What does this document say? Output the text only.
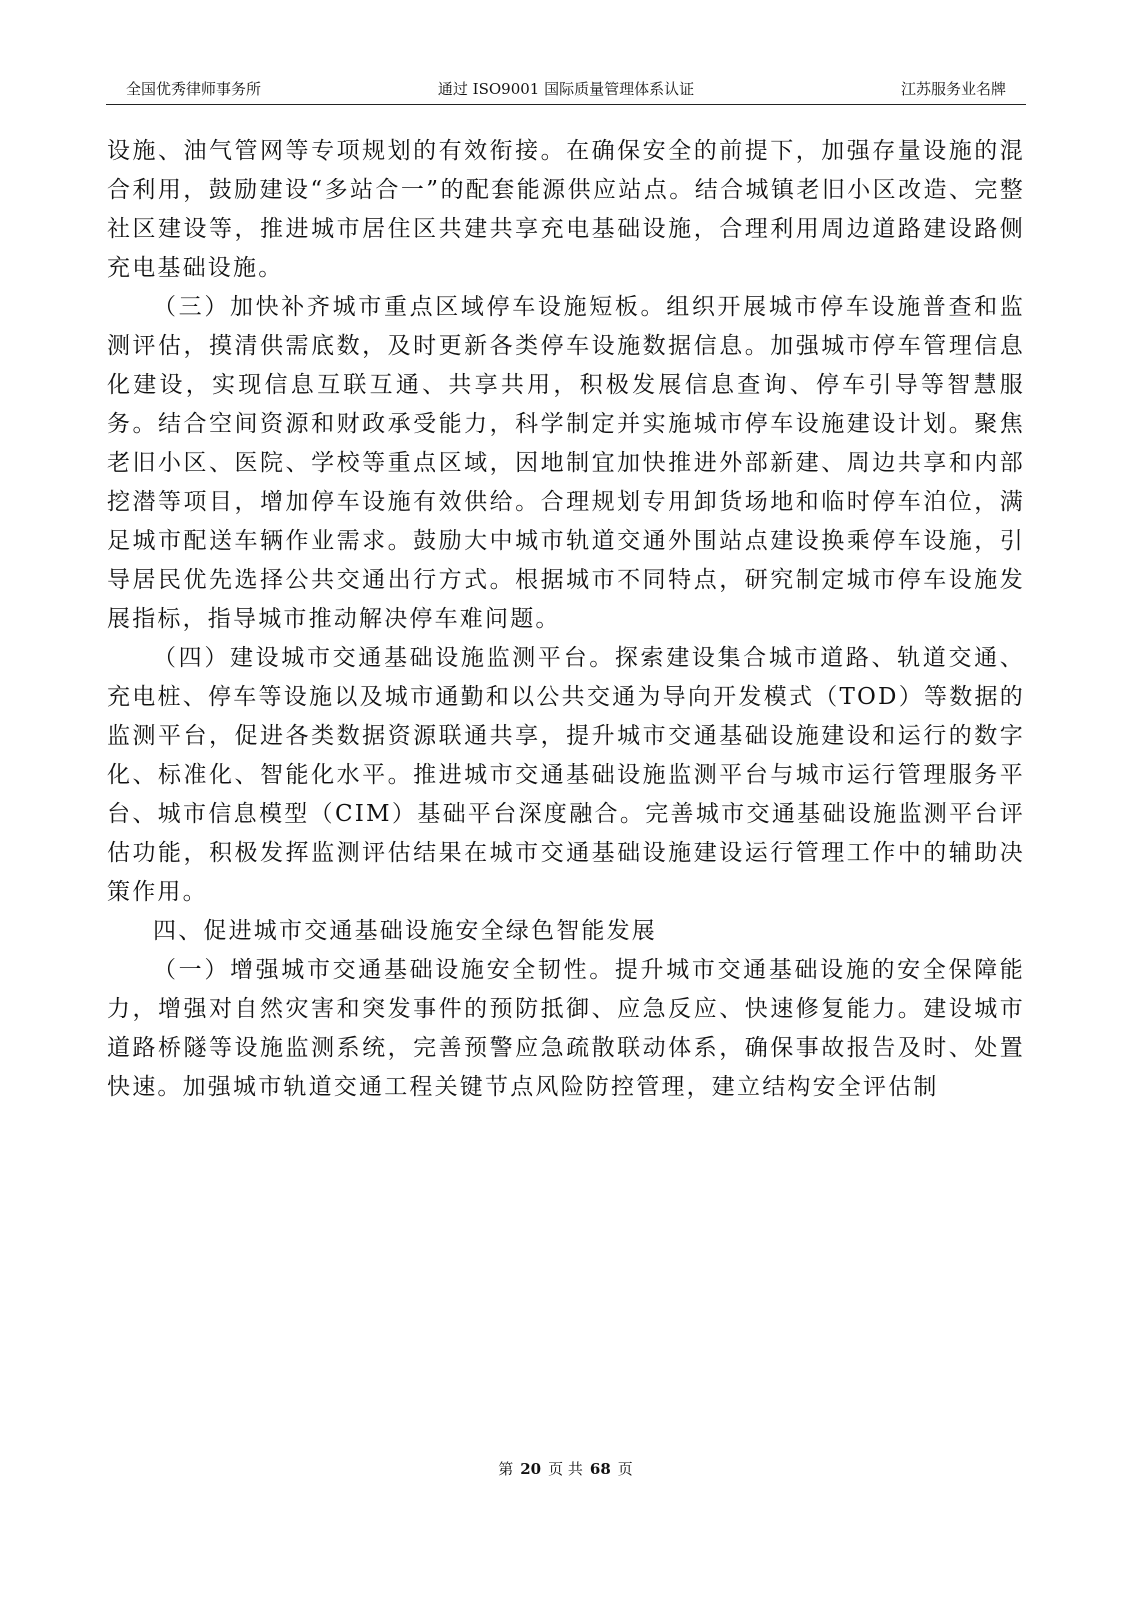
全国优秀律师事务所	通过 ISO9001 国际质量管理体系认证	江苏服务业名牌

设施、油气管网等专项规划的有效衔接。在确保安全的前提下，加强存量设施的混合利用，鼓励建设“多站合一”的配套能源供应站点。结合城镇老旧小区改造、完整社区建设等，推进城市居住区共建共享充电基础设施，合理利用周边道路建设路侧充电基础设施。

（三）加快补齐城市重点区域停车设施短板。组织开展城市停车设施普查和监测评估，摸清供需底数，及时更新各类停车设施数据信息。加强城市停车管理信息化建设，实现信息互联互通、共享共用，积极发展信息查询、停车引导等智慧服务。结合空间资源和财政承受能力，科学制定并实施城市停车设施建设计划。聚焦老旧小区、医院、学校等重点区域，因地制宜加快推进外部新建、周边共享和内部挖潜等项目，增加停车设施有效供给。合理规划专用卸货场地和临时停车泊位，满足城市配送车辆作业需求。鼓励大中城市轨道交通外围站点建设换乘停车设施，引导居民优先选择公共交通出行方式。根据城市不同特点，研究制定城市停车设施发展指标，指导城市推动解决停车难问题。

（四）建设城市交通基础设施监测平台。探索建设集合城市道路、轨道交通、充电桩、停车等设施以及城市通勤和以公共交通为导向开发模式（TOD）等数据的监测平台，促进各类数据资源联通共享，提升城市交通基础设施建设和运行的数字化、标准化、智能化水平。推进城市交通基础设施监测平台与城市运行管理服务平台、城市信息模型（CIM）基础平台深度融合。完善城市交通基础设施监测平台评估功能，积极发挥监测评估结果在城市交通基础设施建设运行管理工作中的辅助决策作用。

四、促进城市交通基础设施安全绿色智能发展

（一）增强城市交通基础设施安全韧性。提升城市交通基础设施的安全保障能力，增强对自然灾害和突发事件的预防抵御、应急反应、快速修复能力。建设城市道路桥隧等设施监测系统，完善预警应急疏散联动体系，确保事故报告及时、处置快速。加强城市轨道交通工程关键节点风险防控管理，建立结构安全评估制

第 20 页 共 68 页
